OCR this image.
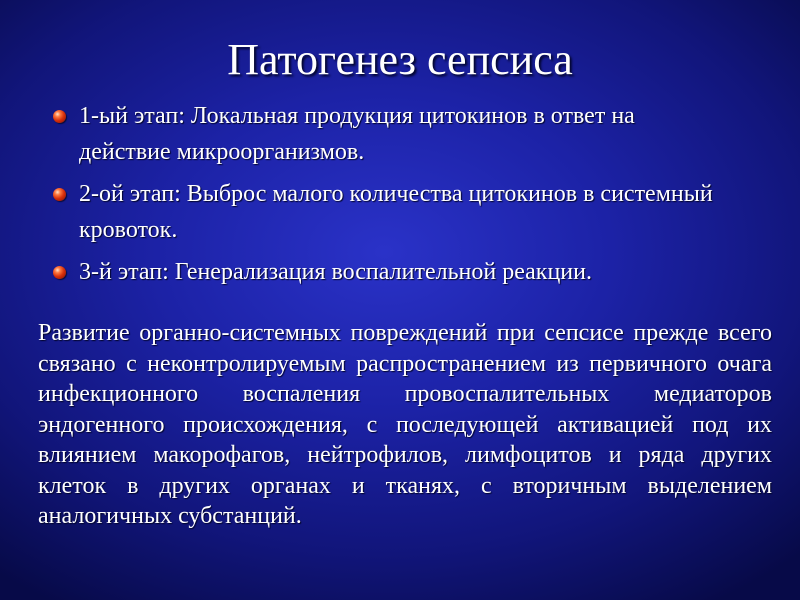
Патогенез сепсиса
1-ый этап: Локальная продукция цитокинов в ответ на действие микроорганизмов.
2-ой этап: Выброс малого количества цитокинов в системный кровоток.
3-й этап: Генерализация воспалительной реакции.

Развитие органно-системных повреждений при сепсисе прежде всего связано с неконтролируемым распространением из первичного очага инфекционного воспаления провоспалительных медиаторов эндогенного происхождения, с последующей активацией под их влиянием макорофагов, нейтрофилов, лимфоцитов и ряда других клеток в других органах и тканях, с вторичным выделением аналогичных субстанций.
